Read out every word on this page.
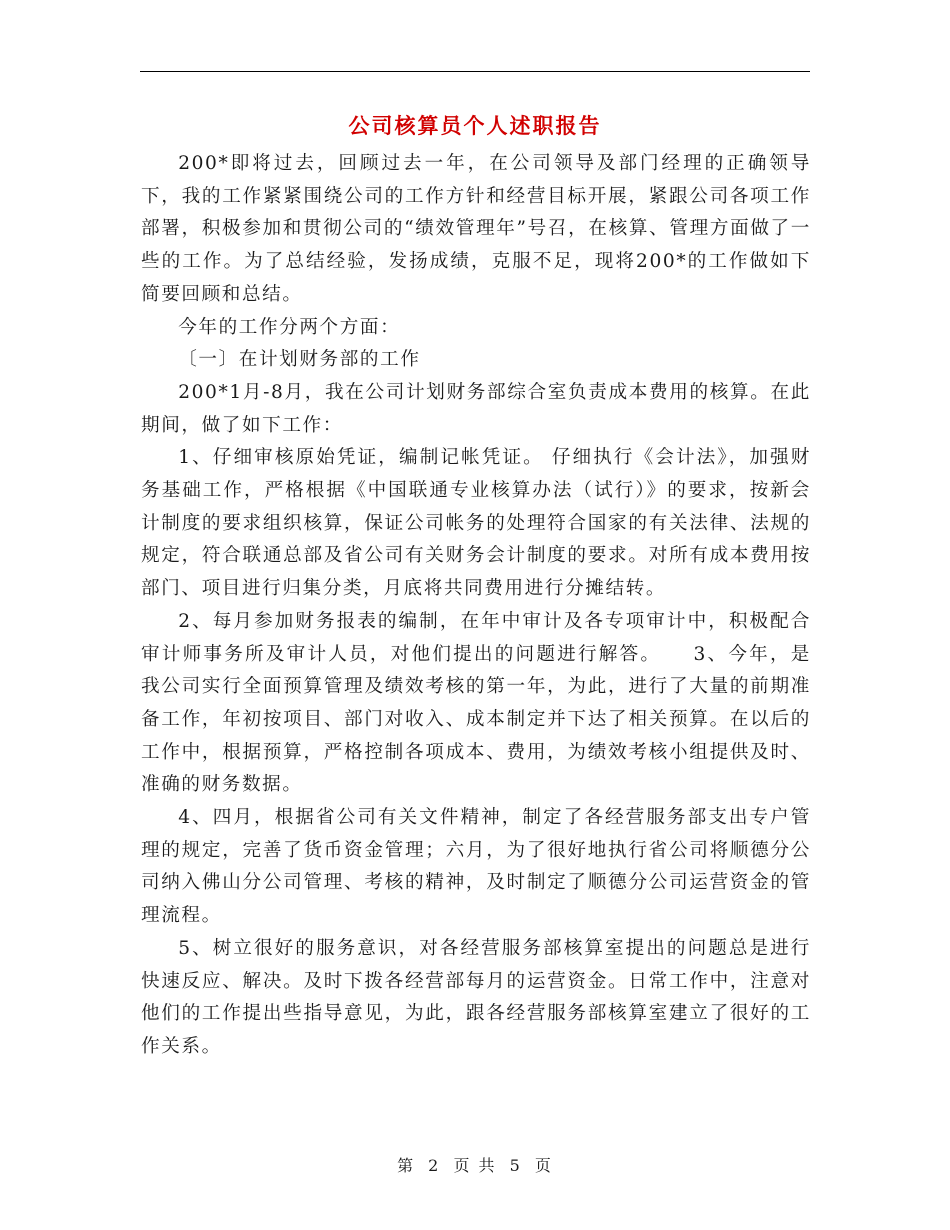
公司核算员个人述职报告

200*即将过去，回顾过去一年，在公司领导及部门经理的正确领导下，我的工作紧紧围绕公司的工作方针和经营目标开展，紧跟公司各项工作部署，积极参加和贯彻公司的“绩效管理年”号召，在核算、管理方面做了一些的工作。为了总结经验，发扬成绩，克服不足，现将200*的工作做如下简要回顾和总结。

今年的工作分两个方面：

〔一〕在计划财务部的工作

200*1月-8月，我在公司计划财务部综合室负责成本费用的核算。在此期间，做了如下工作：

1、仔细审核原始凭证，编制记帐凭证。 仔细执行《会计法》，加强财务基础工作，严格根据《中国联通专业核算办法（试行）》的要求，按新会计制度的要求组织核算，保证公司帐务的处理符合国家的有关法律、法规的规定，符合联通总部及省公司有关财务会计制度的要求。对所有成本费用按部门、项目进行归集分类，月底将共同费用进行分摊结转。

2、每月参加财务报表的编制，在年中审计及各专项审计中，积极配合审计师事务所及审计人员，对他们提出的问题进行解答。　　3、今年，是我公司实行全面预算管理及绩效考核的第一年，为此，进行了大量的前期准备工作，年初按项目、部门对收入、成本制定并下达了相关预算。在以后的工作中，根据预算，严格控制各项成本、费用，为绩效考核小组提供及时、准确的财务数据。

4、四月，根据省公司有关文件精神，制定了各经营服务部支出专户管理的规定，完善了货币资金管理；六月，为了很好地执行省公司将顺德分公司纳入佛山分公司管理、考核的精神，及时制定了顺德分公司运营资金的管理流程。

5、树立很好的服务意识，对各经营服务部核算室提出的问题总是进行快速反应、解决。及时下拨各经营部每月的运营资金。日常工作中，注意对他们的工作提出些指导意见，为此，跟各经营服务部核算室建立了很好的工作关系。

第 2 页 共 5 页
